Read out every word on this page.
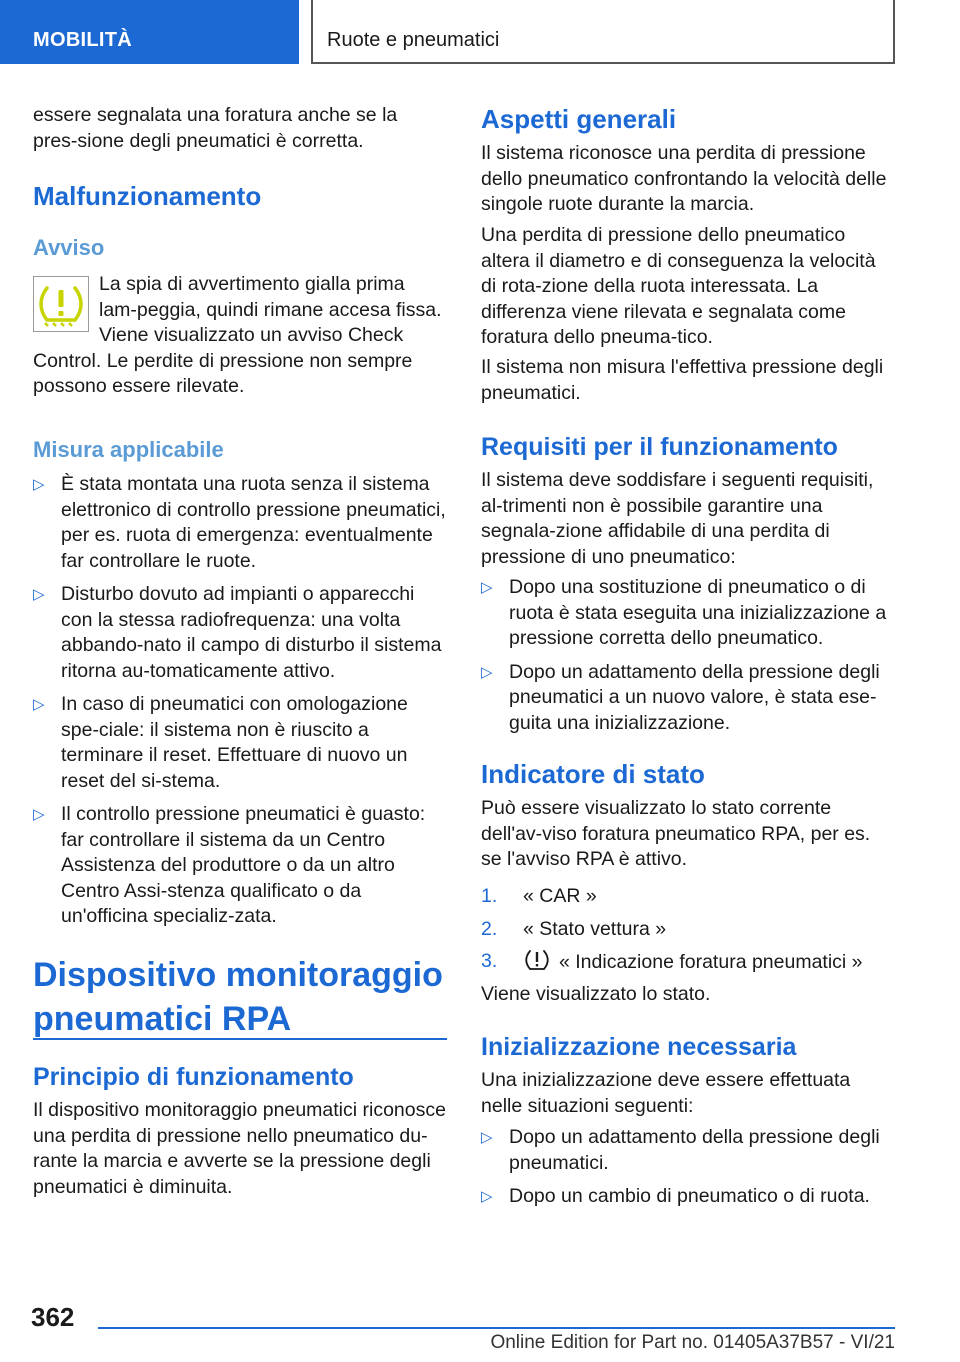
MOBILITÀ	Ruote e pneumatici

essere segnalata una foratura anche se la pres-sione degli pneumatici è corretta.

Malfunzionamento
Avviso

La spia di avvertimento gialla prima lam-peggia, quindi rimane accesa fissa. Viene visualizzato un avviso Check Control. Le perdite di pressione non sempre possono essere rilevate.

Misura applicabile
▷ È stata montata una ruota senza il sistema elettronico di controllo pressione pneumatici, per es. ruota di emergenza: eventualmente far controllare le ruote.
▷ Disturbo dovuto ad impianti o apparecchi con la stessa radiofrequenza: una volta abbando-nato il campo di disturbo il sistema ritorna au-tomaticamente attivo.
▷ In caso di pneumatici con omologazione spe-ciale: il sistema non è riuscito a terminare il reset. Effettuare di nuovo un reset del si-stema.
▷ Il controllo pressione pneumatici è guasto: far controllare il sistema da un Centro Assistenza del produttore o da un altro Centro Assi-stenza qualificato o da un'officina specializ-zata.
Dispositivo monitoraggio pneumatici RPA
Principio di funzionamento

Il dispositivo monitoraggio pneumatici riconosce una perdita di pressione nello pneumatico du-rante la marcia e avverte se la pressione degli pneumatici è diminuita.

Aspetti generali

Il sistema riconosce una perdita di pressione dello pneumatico confrontando la velocità delle singole ruote durante la marcia.

Una perdita di pressione dello pneumatico altera il diametro e di conseguenza la velocità di rota-zione della ruota interessata. La differenza viene rilevata e segnalata come foratura dello pneuma-tico.

Il sistema non misura l'effettiva pressione degli pneumatici.

Requisiti per il funzionamento

Il sistema deve soddisfare i seguenti requisiti, al-trimenti non è possibile garantire una segnala-zione affidabile di una perdita di pressione di uno pneumatico:

▷ Dopo una sostituzione di pneumatico o di ruota è stata eseguita una inizializzazione a pressione corretta dello pneumatico.
▷ Dopo un adattamento della pressione degli pneumatici a un nuovo valore, è stata ese-guita una inizializzazione.
Indicatore di stato

Può essere visualizzato lo stato corrente dell'av-viso foratura pneumatico RPA, per es. se l'avviso RPA è attivo.

1. « CAR »
2. « Stato vettura »
3.	« Indicazione foratura pneumatici »

Viene visualizzato lo stato.

Inizializzazione necessaria

Una inizializzazione deve essere effettuata nelle situazioni seguenti:

▷ Dopo un adattamento della pressione degli pneumatici.
▷ Dopo un cambio di pneumatico o di ruota.
362
Online Edition for Part no. 01405A37B57 - VI/21
